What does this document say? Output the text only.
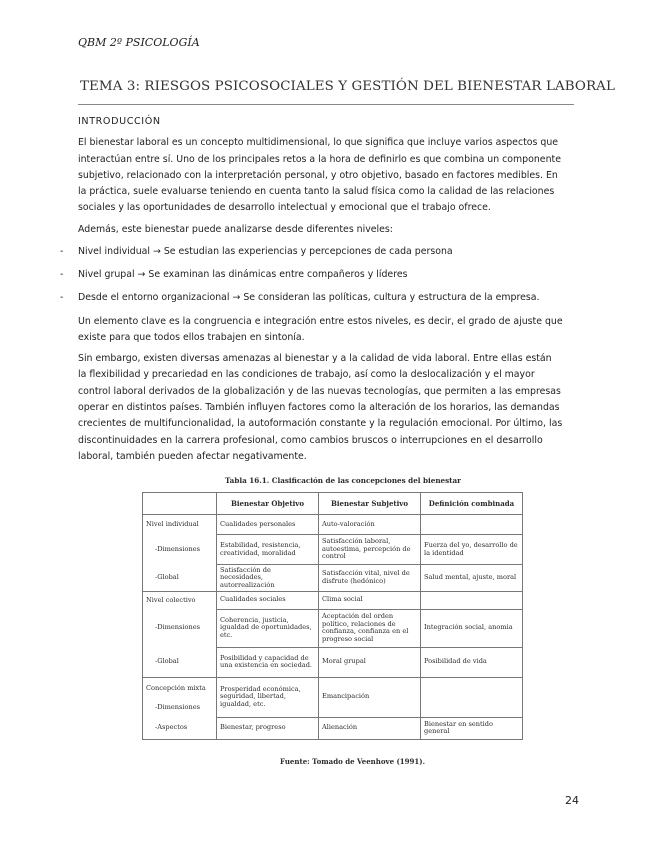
QBM 2º PSICOLOGÍA
TEMA 3: RIESGOS PSICOSOCIALES Y GESTIÓN DEL BIENESTAR LABORAL
INTRODUCCIÓN
El bienestar laboral es un concepto multidimensional, lo que significa que incluye varios aspectos que
interactúan entre sí. Uno de los principales retos a la hora de definirlo es que combina un componente
subjetivo, relacionado con la interpretación personal, y otro objetivo, basado en factores medibles. En
la práctica, suele evaluarse teniendo en cuenta tanto la salud física como la calidad de las relaciones
sociales y las oportunidades de desarrollo intelectual y emocional que el trabajo ofrece.
Además, este bienestar puede analizarse desde diferentes niveles:
- Nivel individual → Se estudian las experiencias y percepciones de cada persona
- Nivel grupal → Se examinan las dinámicas entre compañeros y líderes
- Desde el entorno organizacional → Se consideran las políticas, cultura y estructura de la empresa.
Un elemento clave es la congruencia e integración entre estos niveles, es decir, el grado de ajuste que
existe para que todos ellos trabajen en sintonía.
Sin embargo, existen diversas amenazas al bienestar y a la calidad de vida laboral. Entre ellas están
la flexibilidad y precariedad en las condiciones de trabajo, así como la deslocalización y el mayor
control laboral derivados de la globalización y de las nuevas tecnologías, que permiten a las empresas
operar en distintos países. También influyen factores como la alteración de los horarios, las demandas
crecientes de multifuncionalidad, la autoformación constante y la regulación emocional. Por último, las
discontinuidades en la carrera profesional, como cambios bruscos o interrupciones en el desarrollo
laboral, también pueden afectar negativamente.
Tabla 16.1. Clasificación de las concepciones del bienestar
	Bienestar Objetivo	Bienestar Subjetivo	Definición combinada
Nivel individual	Cualidades personales	Auto-valoración	
-Dimensiones	Estabilidad, resistencia, creatividad, moralidad	Satisfacción laboral, autoestima, percepción de control	Fuerza del yo, desarrollo de la identidad
-Global	Satisfacción de necesidades, autorrealización	Satisfacción vital, nivel de disfrute (hedónico)	Salud mental, ajuste, moral
Nivel colectivo	Cualidades sociales	Clima social	
-Dimensiones	Coherencia, justicia, igualdad de oportunidades, etc.	Aceptación del orden político, relaciones de confianza, confianza en el progreso social	Integración social, anomia
-Global	Posibilidad y capacidad de una existencia en sociedad.	Moral grupal	Posibilidad de vida
Concepción mixta	Prosperidad económica, seguridad, libertad, igualdad, etc.	Emancipación	
-Dimensiones			
-Aspectos	Bienestar, progreso	Alienación	Bienestar en sentido general
Fuente: Tomado de Veenhove (1991).
24
